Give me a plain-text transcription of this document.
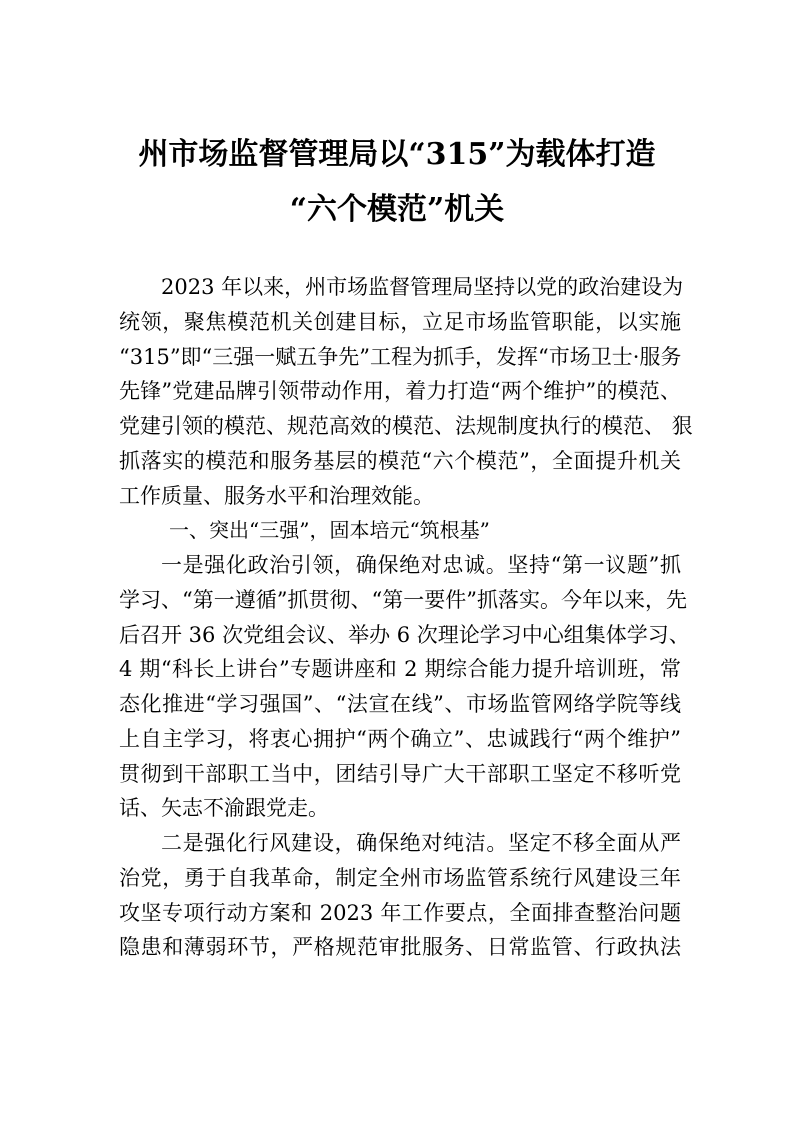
州市场监督管理局以“315”为载体打造
“六个模范”机关
2023 年以来，州市场监督管理局坚持以党的政治建设为
统领，聚焦模范机关创建目标，立足市场监管职能，以实施
“315”即“三强一赋五争先”工程为抓手，发挥“市场卫士·服务
先锋”党建品牌引领带动作用，着力打造“两个维护”的模范、
党建引领的模范、规范高效的模范、法规制度执行的模范、 狠
抓落实的模范和服务基层的模范“六个模范”，全面提升机关
工作质量、服务水平和治理效能。
一、突出“三强”，固本培元“筑根基”
一是强化政治引领，确保绝对忠诚。坚持“第一议题”抓
学习、“第一遵循”抓贯彻、“第一要件”抓落实。今年以来，先
后召开 36 次党组会议、举办 6 次理论学习中心组集体学习、
4 期“科长上讲台”专题讲座和 2 期综合能力提升培训班，常
态化推进“学习强国”、“法宣在线”、市场监管网络学院等线
上自主学习，将衷心拥护“两个确立”、忠诚践行“两个维护”
贯彻到干部职工当中，团结引导广大干部职工坚定不移听党
话、矢志不渝跟党走。
二是强化行风建设，确保绝对纯洁。坚定不移全面从严
治党，勇于自我革命，制定全州市场监管系统行风建设三年
攻坚专项行动方案和 2023 年工作要点，全面排查整治问题
隐患和薄弱环节，严格规范审批服务、日常监管、行政执法
